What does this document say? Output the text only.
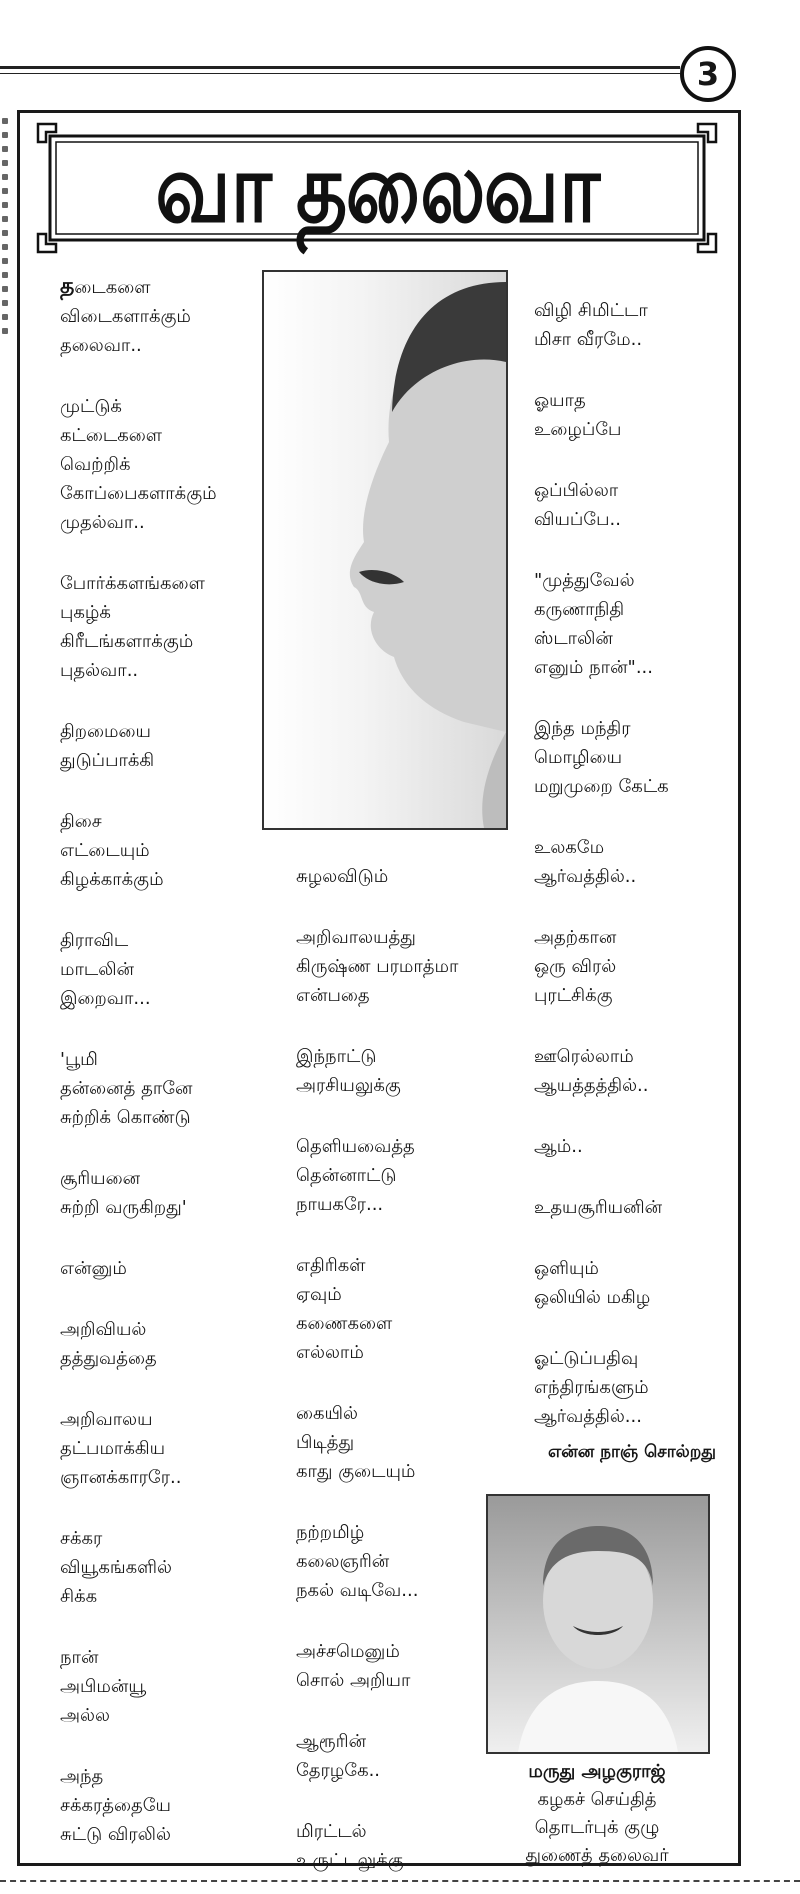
3
வா தலைவா
தடைகளை
விடைகளாக்கும்
தலைவா..
முட்டுக்
கட்டைகளை
வெற்றிக்
கோப்பைகளாக்கும்
முதல்வா..
போர்க்களங்களை
புகழ்க்
கிரீடங்களாக்கும்
புதல்வா..
திறமையை
துடுப்பாக்கி
திசை
எட்டையும்
கிழக்காக்கும்
திராவிட
மாடலின்
இறைவா...
'பூமி
தன்னைத் தானே
சுற்றிக் கொண்டு
சூரியனை
சுற்றி வருகிறது'
என்னும்
அறிவியல்
தத்துவத்தை
அறிவாலய
தட்பமாக்கிய
ஞானக்காரரே..
சக்கர
வியூகங்களில்
சிக்க
நான்
அபிமன்யூ
அல்ல
அந்த
சக்கரத்தையே
சுட்டு விரலில்
சுழலவிடும்
அறிவாலயத்து
கிருஷ்ண பரமாத்மா
என்பதை
இந்நாட்டு
அரசியலுக்கு
தெளியவைத்த
தென்னாட்டு
நாயகரே...
எதிரிகள்
ஏவும்
கணைகளை
எல்லாம்
கையில்
பிடித்து
காது குடையும்
நற்றமிழ்
கலைஞரின்
நகல் வடிவே...
அச்சமெனும்
சொல் அறியா
ஆரூரின்
தேரழகே..
மிரட்டல்
உருட்டலுக்கு
விழி சிமிட்டா
மிசா வீரமே..
ஓயாத
உழைப்பே
ஒப்பில்லா
வியப்பே..
"முத்துவேல்
கருணாநிதி
ஸ்டாலின்
எனும் நான்"...
இந்த மந்திர
மொழியை
மறுமுறை கேட்க
உலகமே
ஆர்வத்தில்..
அதற்கான
ஒரு விரல்
புரட்சிக்கு
ஊரெல்லாம்
ஆயத்தத்தில்..
ஆம்..
உதயசூரியனின்
ஒளியும்
ஒலியில் மகிழ
ஓட்டுப்பதிவு
எந்திரங்களும்
ஆர்வத்தில்...
என்ன நாஞ் சொல்றது
மருது அழகுராஜ்
கழகச் செய்தித்
தொடர்புக் குழு
துணைத் தலைவர்
